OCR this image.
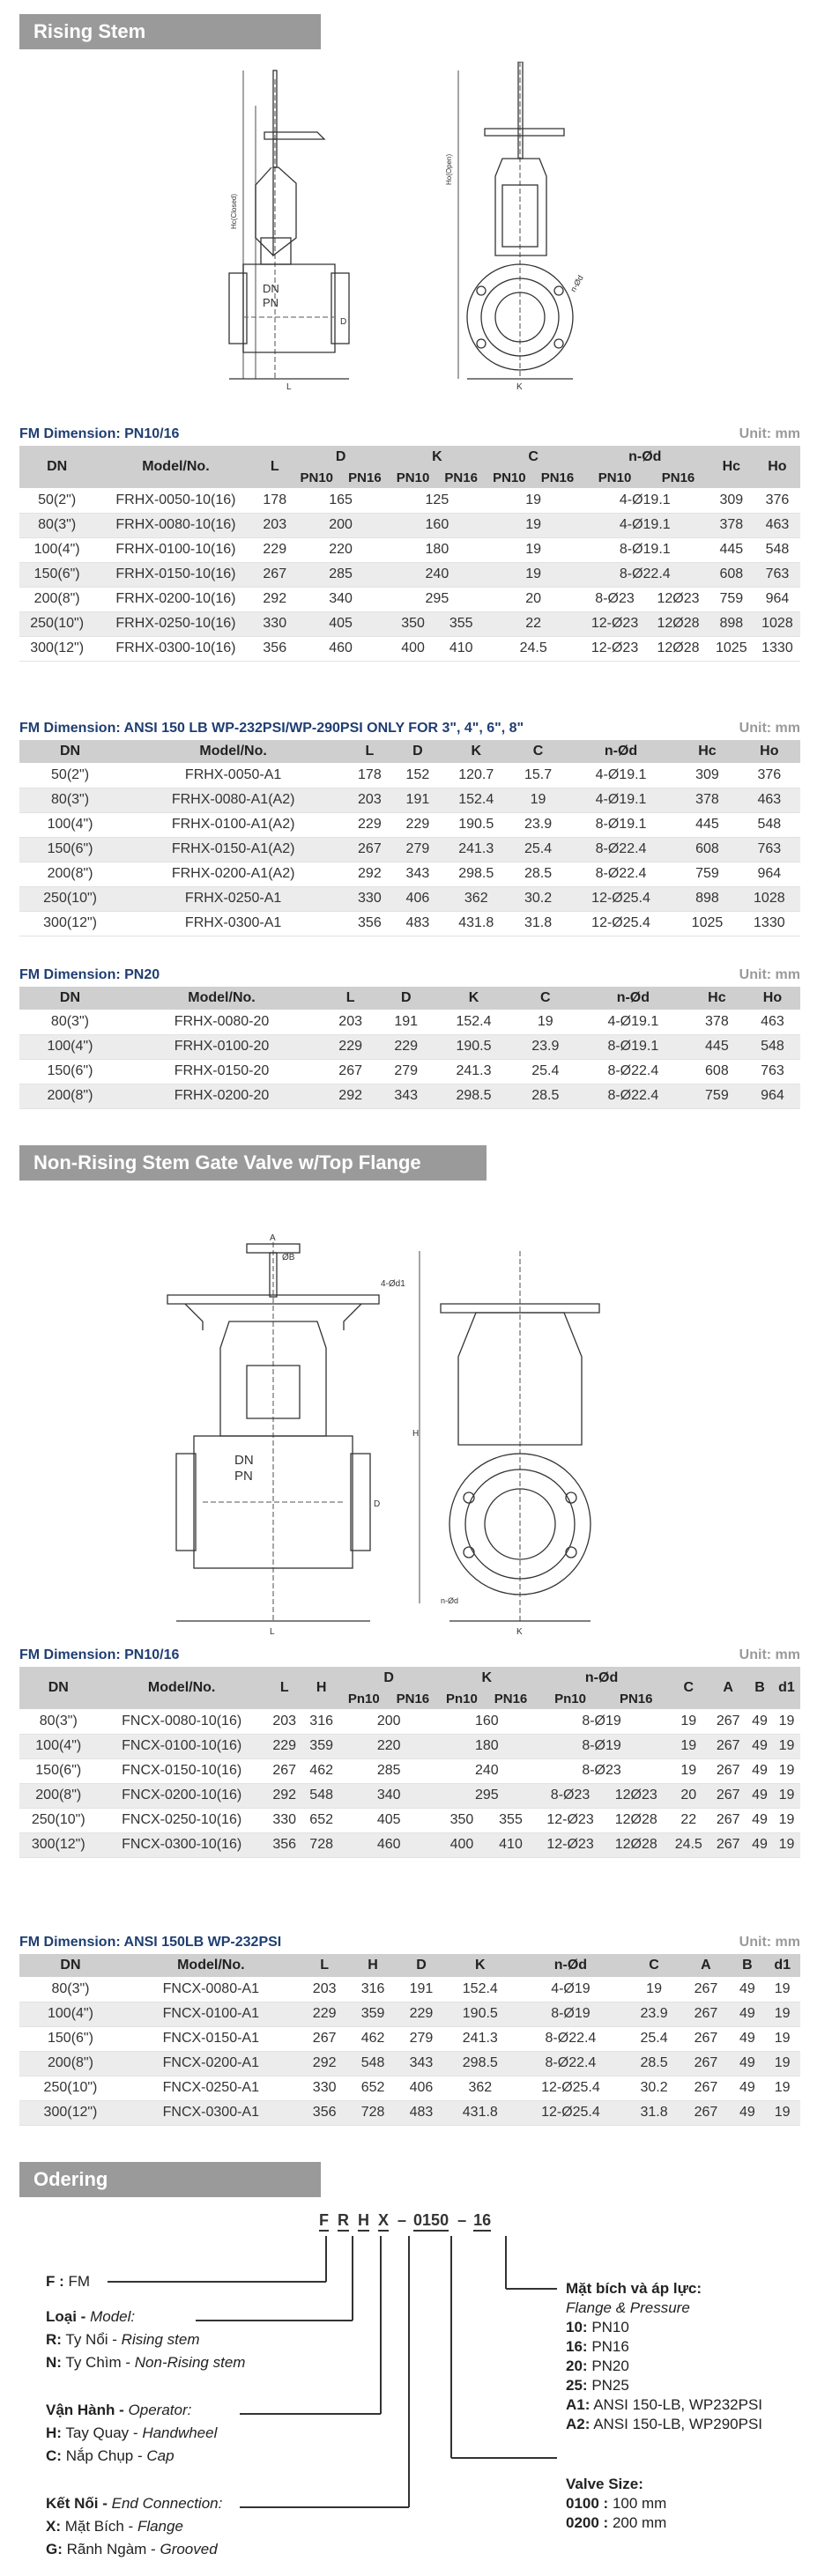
Rising Stem
DN
PN
Hc(Closed)
L
D
Ho(Open)
K
n-Ød
FM Dimension: PN10/16	Unit: mm
DN	Model/No.	L	D		K		C		n-Ød		Hc	Ho
			PN10	PN16	PN10	PN16	PN10	PN16	PN10	PN16		
50(2")	FRHX-0050-10(16)	178	165		125		19		4-Ø19.1		309	376
80(3")	FRHX-0080-10(16)	203	200		160		19		4-Ø19.1		378	463
100(4")	FRHX-0100-10(16)	229	220		180		19		8-Ø19.1		445	548
150(6")	FRHX-0150-10(16)	267	285		240		19		8-Ø22.4		608	763
200(8")	FRHX-0200-10(16)	292	340		295		20		8-Ø23	12Ø23	759	964
250(10")	FRHX-0250-10(16)	330	405		350	355	22		12-Ø23	12Ø28	898	1028
300(12")	FRHX-0300-10(16)	356	460		400	410	24.5		12-Ø23	12Ø28	1025	1330
FM Dimension: ANSI 150 LB WP-232PSI/WP-290PSI ONLY FOR 3", 4", 6", 8"	Unit: mm
DN	Model/No.	L	D	K	C	n-Ød	Hc	Ho
50(2")	FRHX-0050-A1	178	152	120.7	15.7	4-Ø19.1	309	376
80(3")	FRHX-0080-A1(A2)	203	191	152.4	19	4-Ø19.1	378	463
100(4")	FRHX-0100-A1(A2)	229	229	190.5	23.9	8-Ø19.1	445	548
150(6")	FRHX-0150-A1(A2)	267	279	241.3	25.4	8-Ø22.4	608	763
200(8")	FRHX-0200-A1(A2)	292	343	298.5	28.5	8-Ø22.4	759	964
250(10")	FRHX-0250-A1	330	406	362	30.2	12-Ø25.4	898	1028
300(12")	FRHX-0300-A1	356	483	431.8	31.8	12-Ø25.4	1025	1330
FM Dimension: PN20	Unit: mm
DN	Model/No.	L	D	K	C	n-Ød	Hc	Ho
80(3")	FRHX-0080-20	203	191	152.4	19	4-Ø19.1	378	463
100(4")	FRHX-0100-20	229	229	190.5	23.9	8-Ø19.1	445	548
150(6")	FRHX-0150-20	267	279	241.3	25.4	8-Ø22.4	608	763
200(8")	FRHX-0200-20	292	343	298.5	28.5	8-Ø22.4	759	964
Non-Rising Stem Gate Valve w/Top Flange
A
ØB
4-Ød1
DN
PN
L
D
H
K
n-Ød
FM Dimension: PN10/16	Unit: mm
DN	Model/No.	L	H	D		K		n-Ød		C	A	B	d1
				Pn10	PN16	Pn10	PN16	Pn10	PN16				
80(3")	FNCX-0080-10(16)	203	316	200		160		8-Ø19		19	267	49	19
100(4")	FNCX-0100-10(16)	229	359	220		180		8-Ø19		19	267	49	19
150(6")	FNCX-0150-10(16)	267	462	285		240		8-Ø23		19	267	49	19
200(8")	FNCX-0200-10(16)	292	548	340		295		8-Ø23	12Ø23	20	267	49	19
250(10")	FNCX-0250-10(16)	330	652	405		350	355	12-Ø23	12Ø28	22	267	49	19
300(12")	FNCX-0300-10(16)	356	728	460		400	410	12-Ø23	12Ø28	24.5	267	49	19
FM Dimension: ANSI 150LB WP-232PSI	Unit: mm
DN	Model/No.	L	H	D	K	n-Ød	C	A	B	d1
80(3")	FNCX-0080-A1	203	316	191	152.4	4-Ø19	19	267	49	19
100(4")	FNCX-0100-A1	229	359	229	190.5	8-Ø19	23.9	267	49	19
150(6")	FNCX-0150-A1	267	462	279	241.3	8-Ø22.4	25.4	267	49	19
200(8")	FNCX-0200-A1	292	548	343	298.5	8-Ø22.4	28.5	267	49	19
250(10")	FNCX-0250-A1	330	652	406	362	12-Ø25.4	30.2	267	49	19
300(12")	FNCX-0300-A1	356	728	483	431.8	12-Ø25.4	31.8	267	49	19
Odering
F R H X – 0150 – 16
F : FM
Loại - Model:
R: Ty Nổi - Rising stem
N: Ty Chìm - Non-Rising stem
Vận Hành - Operator:
H: Tay Quay - Handwheel
C: Nắp Chụp - Cap
Kết Nối - End Connection:
X: Mặt Bích - Flange
G: Rãnh Ngàm - Grooved
Mặt bích và áp lực:
Flange & Pressure
10: PN10
16: PN16
20: PN20
25: PN25
A1: ANSI 150-LB, WP232PSI
A2: ANSI 150-LB, WP290PSI
Valve Size:
0100 : 100 mm
0200 : 200 mm
